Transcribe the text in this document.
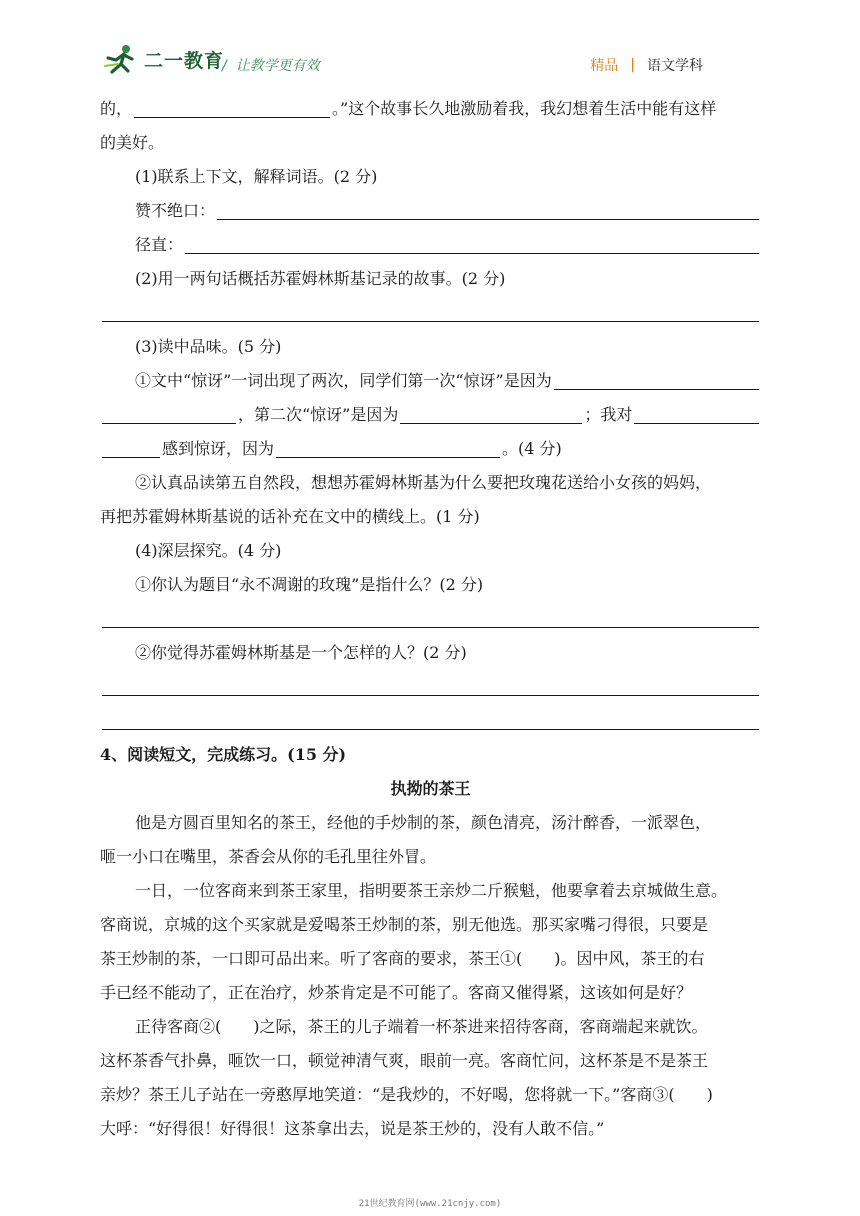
二一教育
/  让教学更有效	精品 | 语文学科
的，	。”这个故事长久地激励着我，我幻想着生活中能有这样
的美好。
(1)联系上下文，解释词语。(2 分)
赞不绝口：
径直：
(2)用一两句话概括苏霍姆林斯基记录的故事。(2 分)
(3)读中品味。(5 分)
①文中“惊讶”一词出现了两次，同学们第一次“惊讶”是因为
，第二次“惊讶”是因为	；我对
感到惊讶，因为	。(4 分)
②认真品读第五自然段，想想苏霍姆林斯基为什么要把玫瑰花送给小女孩的妈妈，
再把苏霍姆林斯基说的话补充在文中的横线上。(1 分)
(4)深层探究。(4 分)
①你认为题目“永不凋谢的玫瑰”是指什么？(2 分)
②你觉得苏霍姆林斯基是一个怎样的人？(2 分)
4、阅读短文，完成练习。(15 分)
执拗的茶王
他是方圆百里知名的茶王，经他的手炒制的茶，颜色清亮，汤汁醉香，一派翠色，
咂一小口在嘴里，茶香会从你的毛孔里往外冒。
一日，一位客商来到茶王家里，指明要茶王亲炒二斤猴魁，他要拿着去京城做生意。
客商说，京城的这个买家就是爱喝茶王炒制的茶，别无他选。那买家嘴刁得很，只要是
茶王炒制的茶，一口即可品出来。听了客商的要求，茶王①(　　)。因中风，茶王的右
手已经不能动了，正在治疗，炒茶肯定是不可能了。客商又催得紧，这该如何是好？
正待客商②(　　)之际，茶王的儿子端着一杯茶进来招待客商，客商端起来就饮。
这杯茶香气扑鼻，咂饮一口，顿觉神清气爽，眼前一亮。客商忙问，这杯茶是不是茶王
亲炒？茶王儿子站在一旁憨厚地笑道：“是我炒的，不好喝，您将就一下。”客商③(　　)
大呼：“好得很！好得很！这茶拿出去，说是茶王炒的，没有人敢不信。”
21世纪教育网(www.21cnjy.com)
